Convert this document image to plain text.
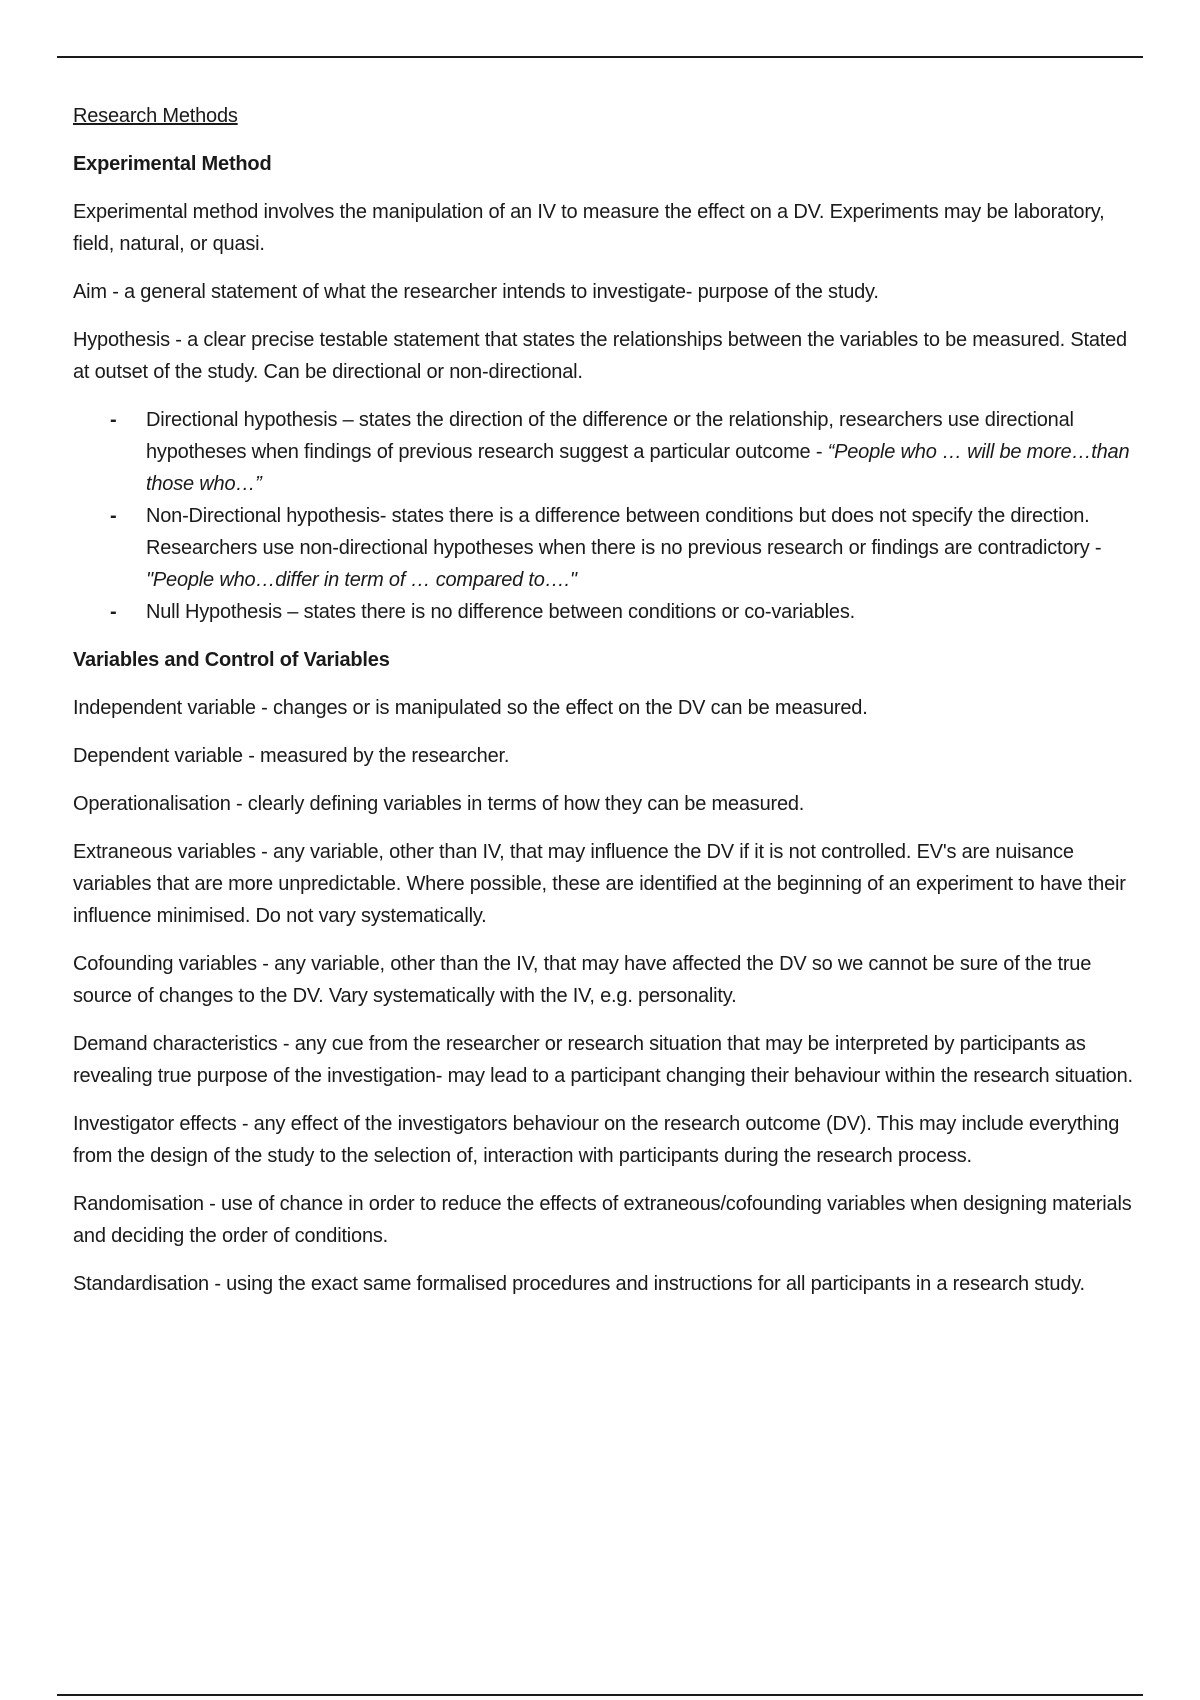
Research Methods

Experimental Method

Experimental method involves the manipulation of an IV to measure the effect on a DV. Experiments may be laboratory, field, natural, or quasi.

Aim - a general statement of what the researcher intends to investigate- purpose of the study.

Hypothesis - a clear precise testable statement that states the relationships between the variables to be measured. Stated at outset of the study. Can be directional or non-directional.

- Directional hypothesis – states the direction of the difference or the relationship, researchers use directional hypotheses when findings of previous research suggest a particular outcome - “People who … will be more…than those who…”
- Non-Directional hypothesis- states there is a difference between conditions but does not specify the direction. Researchers use non-directional hypotheses when there is no previous research or findings are contradictory - "People who…differ in term of … compared to…."
- Null Hypothesis – states there is no difference between conditions or co-variables.

Variables and Control of Variables

Independent variable - changes or is manipulated so the effect on the DV can be measured.

Dependent variable - measured by the researcher.

Operationalisation - clearly defining variables in terms of how they can be measured.

Extraneous variables - any variable, other than IV, that may influence the DV if it is not controlled. EV's are nuisance variables that are more unpredictable. Where possible, these are identified at the beginning of an experiment to have their influence minimised. Do not vary systematically.

Cofounding variables - any variable, other than the IV, that may have affected the DV so we cannot be sure of the true source of changes to the DV. Vary systematically with the IV, e.g. personality.

Demand characteristics - any cue from the researcher or research situation that may be interpreted by participants as revealing true purpose of the investigation- may lead to a participant changing their behaviour within the research situation.

Investigator effects - any effect of the investigators behaviour on the research outcome (DV). This may include everything from the design of the study to the selection of, interaction with participants during the research process.

Randomisation - use of chance in order to reduce the effects of extraneous/cofounding variables when designing materials and deciding the order of conditions.

Standardisation - using the exact same formalised procedures and instructions for all participants in a research study.
